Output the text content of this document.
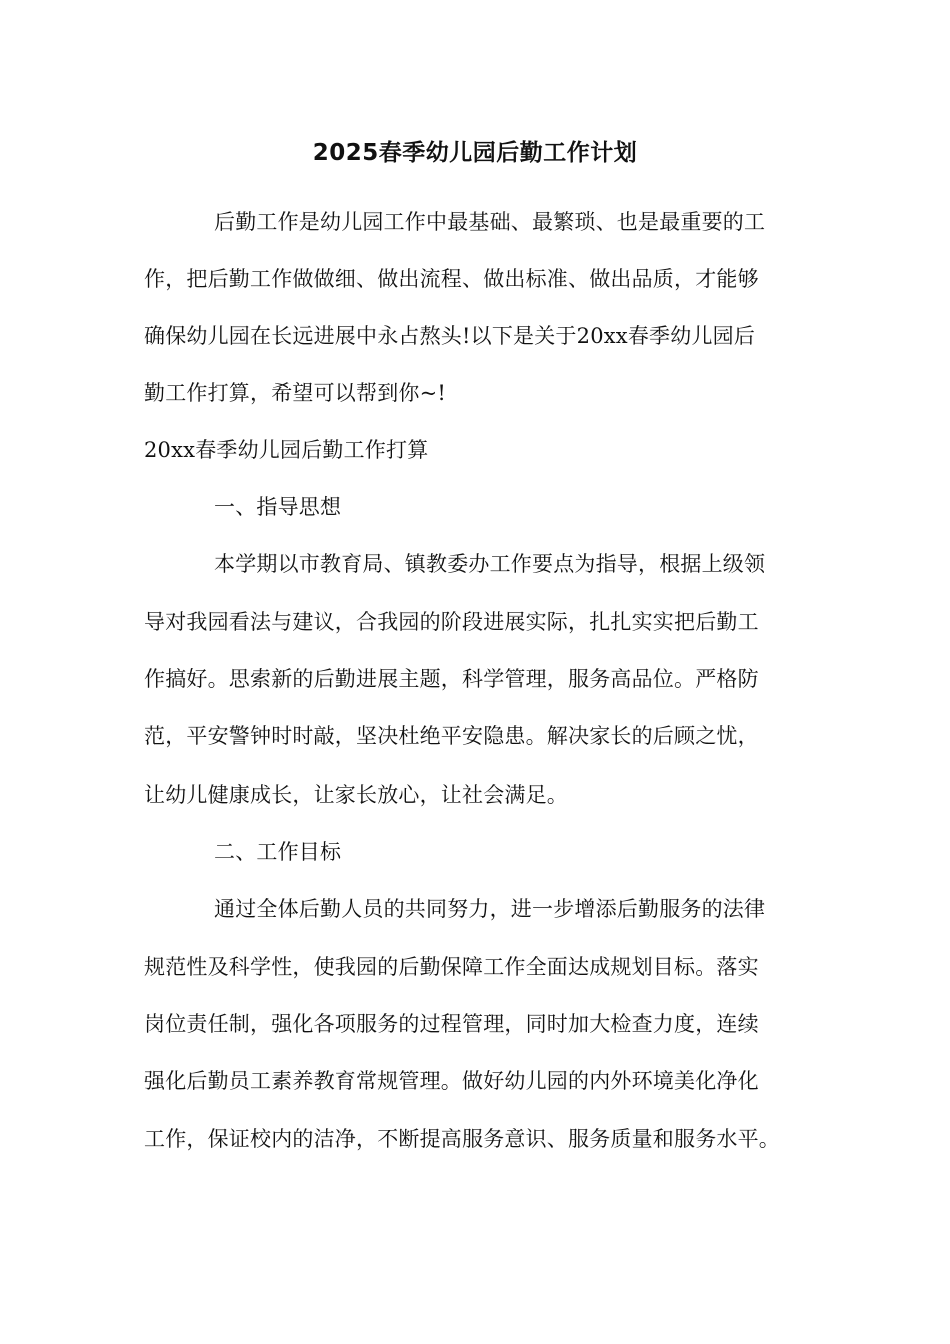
2025春季幼儿园后勤工作计划
后勤工作是幼儿园工作中最基础、最繁琐、也是最重要的工
作，把后勤工作做做细、做出流程、做出标准、做出品质，才能够
确保幼儿园在长远进展中永占熬头!以下是关于20xx春季幼儿园后
勤工作打算，希望可以帮到你~!
20xx春季幼儿园后勤工作打算
一、指导思想
本学期以市教育局、镇教委办工作要点为指导，根据上级领
导对我园看法与建议，合我园的阶段进展实际，扎扎实实把后勤工
作搞好。思索新的后勤进展主题，科学管理，服务高品位。严格防
范，平安警钟时时敲，坚决杜绝平安隐患。解决家长的后顾之忧，
让幼儿健康成长，让家长放心，让社会满足。
二、工作目标
通过全体后勤人员的共同努力，进一步增添后勤服务的法律
规范性及科学性，使我园的后勤保障工作全面达成规划目标。落实
岗位责任制，强化各项服务的过程管理，同时加大检查力度，连续
强化后勤员工素养教育常规管理。做好幼儿园的内外环境美化净化
工作，保证校内的洁净，不断提高服务意识、服务质量和服务水平。
